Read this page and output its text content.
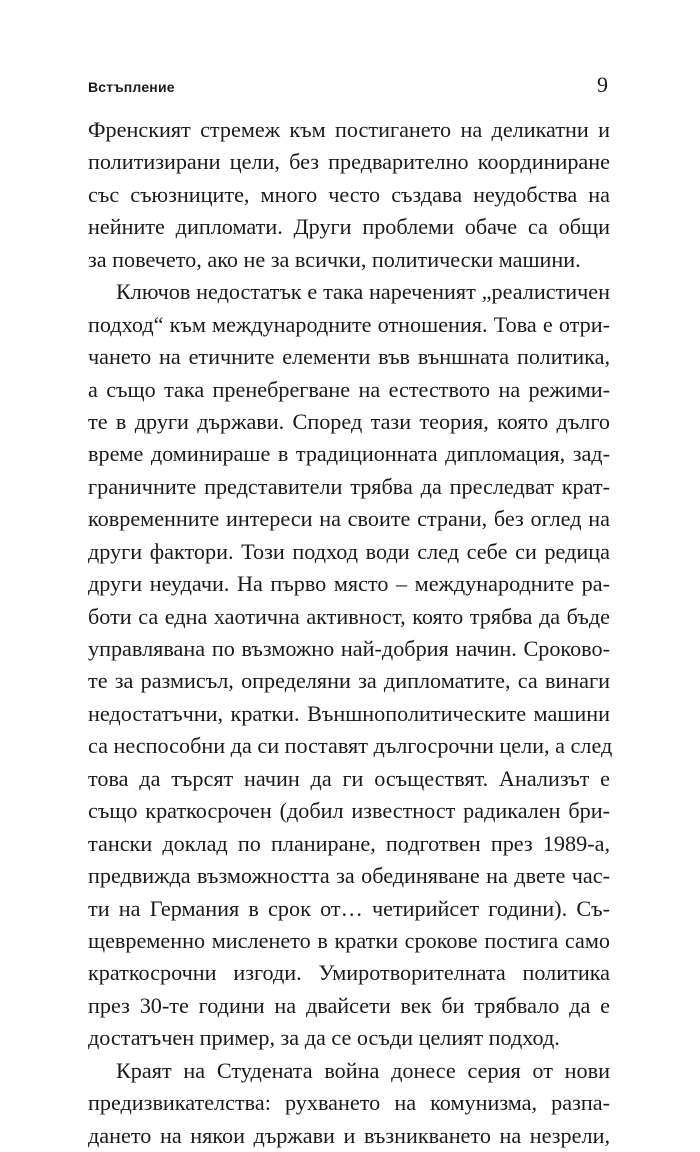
Встъпление	9
Френският стремеж към постигането на деликатни и
политизирани цели, без предварително координиране
със съюзниците, много често създава неудобства на
нейните дипломати. Други проблеми обаче са общи
за повечето, ако не за всички, политически машини.
Ключов недостатък е така нареченият „реалистичен
подход“ към международните отношения. Това е отри-
чането на етичните елементи във външната политика,
а също така пренебрегване на естеството на режими-
те в други държави. Според тази теория, която дълго
време доминираше в традиционната дипломация, зад-
граничните представители трябва да преследват крат-
ковременните интереси на своите страни, без оглед на
други фактори. Този подход води след себе си редица
други неудачи. На първо място – международните ра-
боти са една хаотична активност, която трябва да бъде
управлявана по възможно най-добрия начин. Сроково-
те за размисъл, определяни за дипломатите, са винаги
недостатъчни, кратки. Външнополитическите машини
са неспособни да си поставят дългосрочни цели, а след
това да търсят начин да ги осъществят. Анализът е
също краткосрочен (добил известност радикален бри-
тански доклад по планиране, подготвен през 1989-а,
предвижда възможността за обединяване на двете час-
ти на Германия в срок от… четирийсет години). Съ-
щевременно мисленето в кратки срокове постига само
краткосрочни изгоди. Умиротворителната политика
през 30-те години на двайсети век би трябвало да е
достатъчен пример, за да се осъди целият подход.
Краят на Студената война донесе серия от нови
предизвикателства: рухването на комунизма, разпа-
дането на някои държави и възникването на незрели,
